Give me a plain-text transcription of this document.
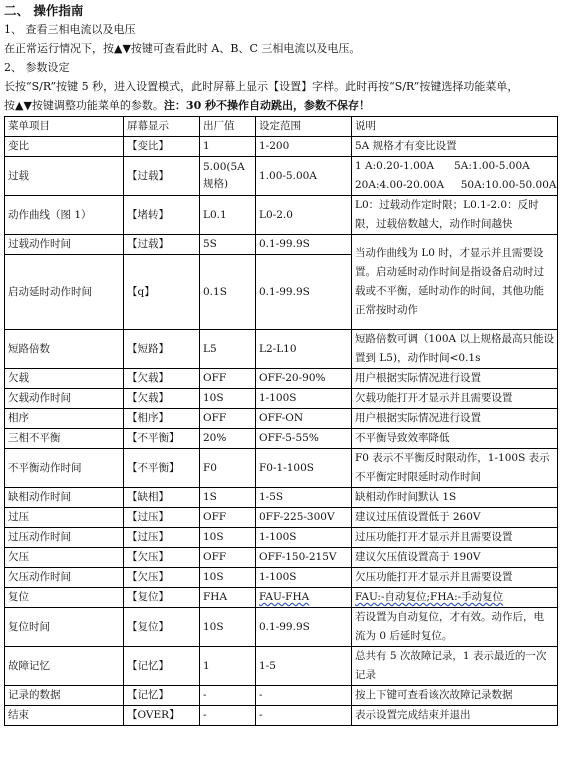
二、 操作指南
1、 查看三相电流以及电压
在正常运行情况下，按▲▼按键可查看此时 A、B、C 三相电流以及电压。
2、 参数设定
长按“S/R”按键 5 秒，进入设置模式，此时屏幕上显示【设置】字样。此时再按“S/R”按键选择功能菜单，
按▲▼按键调整功能菜单的参数。注：30 秒不操作自动跳出，参数不保存！
菜单项目	屏幕显示	出厂值	设定范围	说明
变比	【变比】	1	1-200	5A 规格才有变比设置
过载	【过载】	5.00(5A 规格)	1.00-5.00A	1 A:0.20-1.00A      5A:1.00-5.00A
				20A:4.00-20.00A     50A:10.00-50.00A
动作曲线（图 1）	【堵转】	L0.1	L0-2.0	L0：过载动作定时限；L0.1-2.0：反时限，过载倍数越大，动作时间越快
过载动作时间	【过载】	5S	0.1-99.9S	当动作曲线为 L0 时，才显示并且需要设置。启动延时动作时间是指设备启动时过载或不平衡，延时动作的时间，其他功能正常按时动作
启动延时动作时间	【q】	0.1S	0.1-99.9S	
短路倍数	【短路】	L5	L2-L10	短路倍数可调（100A 以上规格最高只能设置到 L5)，动作时间<0.1s
欠载	【欠载】	OFF	OFF-20-90%	用户根据实际情况进行设置
欠载动作时间	【欠载】	10S	1-100S	欠载功能打开才显示并且需要设置
相序	【相序】	OFF	OFF-ON	用户根据实际情况进行设置
三相不平衡	【不平衡】	20%	OFF-5-55%	不平衡导致效率降低
不平衡动作时间	【不平衡】	F0	F0-1-100S	F0 表示不平衡反时限动作，1-100S 表示不平衡定时限延时动作时间
缺相动作时间	【缺相】	1S	1-5S	缺相动作时间默认 1S
过压	【过压】	OFF	0FF-225-300V	建议过压值设置低于 260V
过压动作时间	【过压】	10S	1-100S	过压功能打开才显示并且需要设置
欠压	【欠压】	OFF	OFF-150-215V	建议欠压值设置高于 190V
欠压动作时间	【欠压】	10S	1-100S	欠压功能打开才显示并且需要设置
复位	【复位】	FHA	FAU-FHA	FAU:-自动复位;FHA:-手动复位
复位时间	【复位】	10S	0.1-99.9S	若设置为自动复位，才有效。动作后，电流为 0 后延时复位。
故障记忆	【记忆】	1	1-5	总共有 5 次故障记录，1 表示最近的一次记录
记录的数据	【记忆】	-	-	按上下键可查看该次故障记录数据
结束	【OVER】	-	-	表示设置完成结束并退出
